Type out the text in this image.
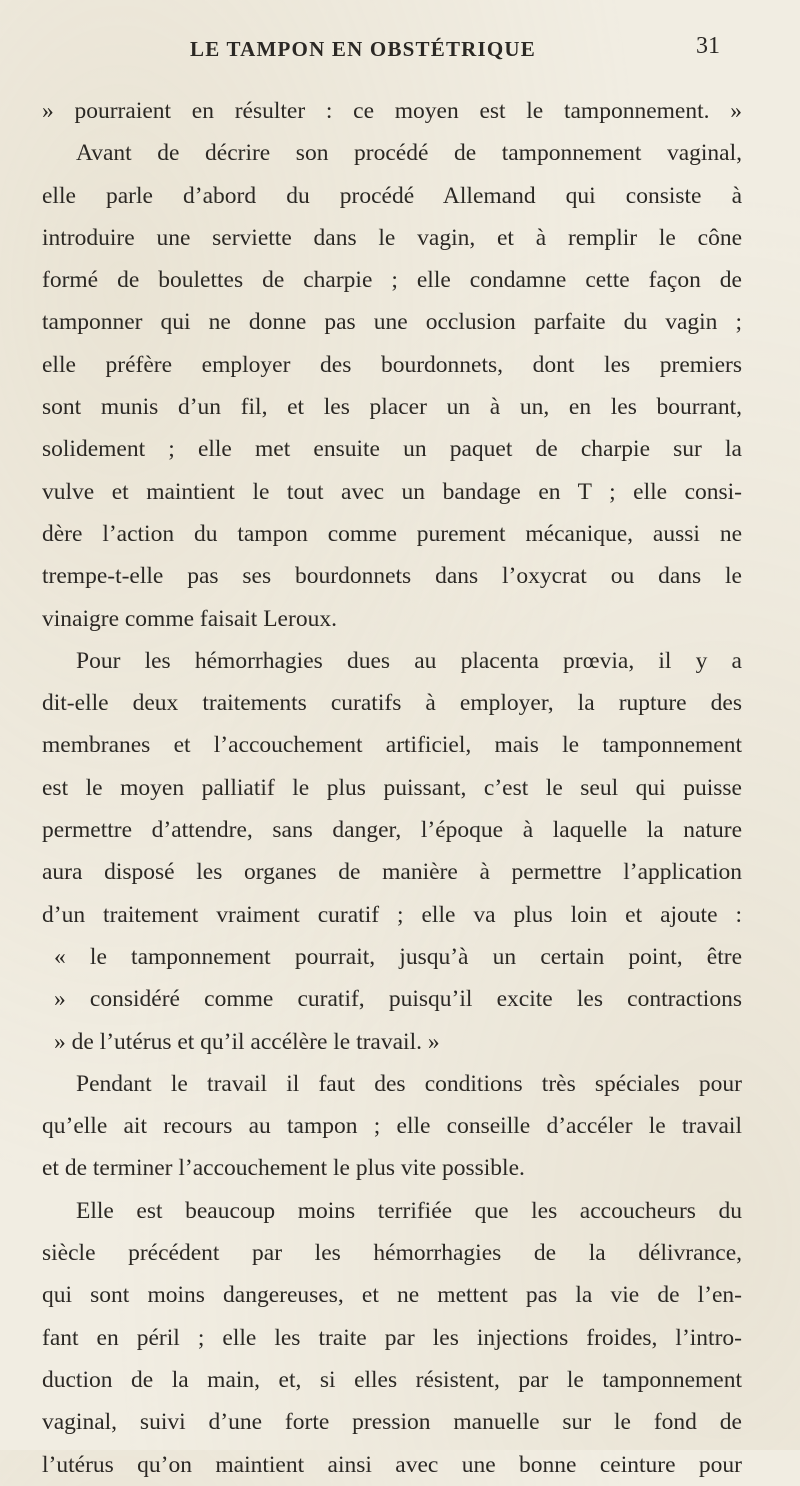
LE TAMPON EN OBSTÉTRIQUE	31
» pourraient en résulter : ce moyen est le tamponnement. »
Avant de décrire son procédé de tamponnement vaginal,
elle parle d’abord du procédé Allemand qui consiste à
introduire une serviette dans le vagin, et à remplir le cône
formé de boulettes de charpie ; elle condamne cette façon de
tamponner qui ne donne pas une occlusion parfaite du vagin ;
elle préfère employer des bourdonnets, dont les premiers
sont munis d’un fil, et les placer un à un, en les bourrant,
solidement ; elle met ensuite un paquet de charpie sur la
vulve et maintient le tout avec un bandage en T ; elle consi-
dère l’action du tampon comme purement mécanique, aussi ne
trempe-t-elle pas ses bourdonnets dans l’oxycrat ou dans le
vinaigre comme faisait Leroux.
Pour les hémorrhagies dues au placenta prœvia, il y a
dit-elle deux traitements curatifs à employer, la rupture des
membranes et l’accouchement artificiel, mais le tamponnement
est le moyen palliatif le plus puissant, c’est le seul qui puisse
permettre d’attendre, sans danger, l’époque à laquelle la nature
aura disposé les organes de manière à permettre l’application
d’un traitement vraiment curatif ; elle va plus loin et ajoute :
« le tamponnement pourrait, jusqu’à un certain point, être
» considéré comme curatif, puisqu’il excite les contractions
» de l’utérus et qu’il accélère le travail. »
Pendant le travail il faut des conditions très spéciales pour
qu’elle ait recours au tampon ; elle conseille d’accéler le travail
et de terminer l’accouchement le plus vite possible.
Elle est beaucoup moins terrifiée que les accoucheurs du
siècle précédent par les hémorrhagies de la délivrance,
qui sont moins dangereuses, et ne mettent pas la vie de l’en-
fant en péril ; elle les traite par les injections froides, l’intro-
duction de la main, et, si elles résistent, par le tamponnement
vaginal, suivi d’une forte pression manuelle sur le fond de
l’utérus qu’on maintient ainsi avec une bonne ceinture pour
